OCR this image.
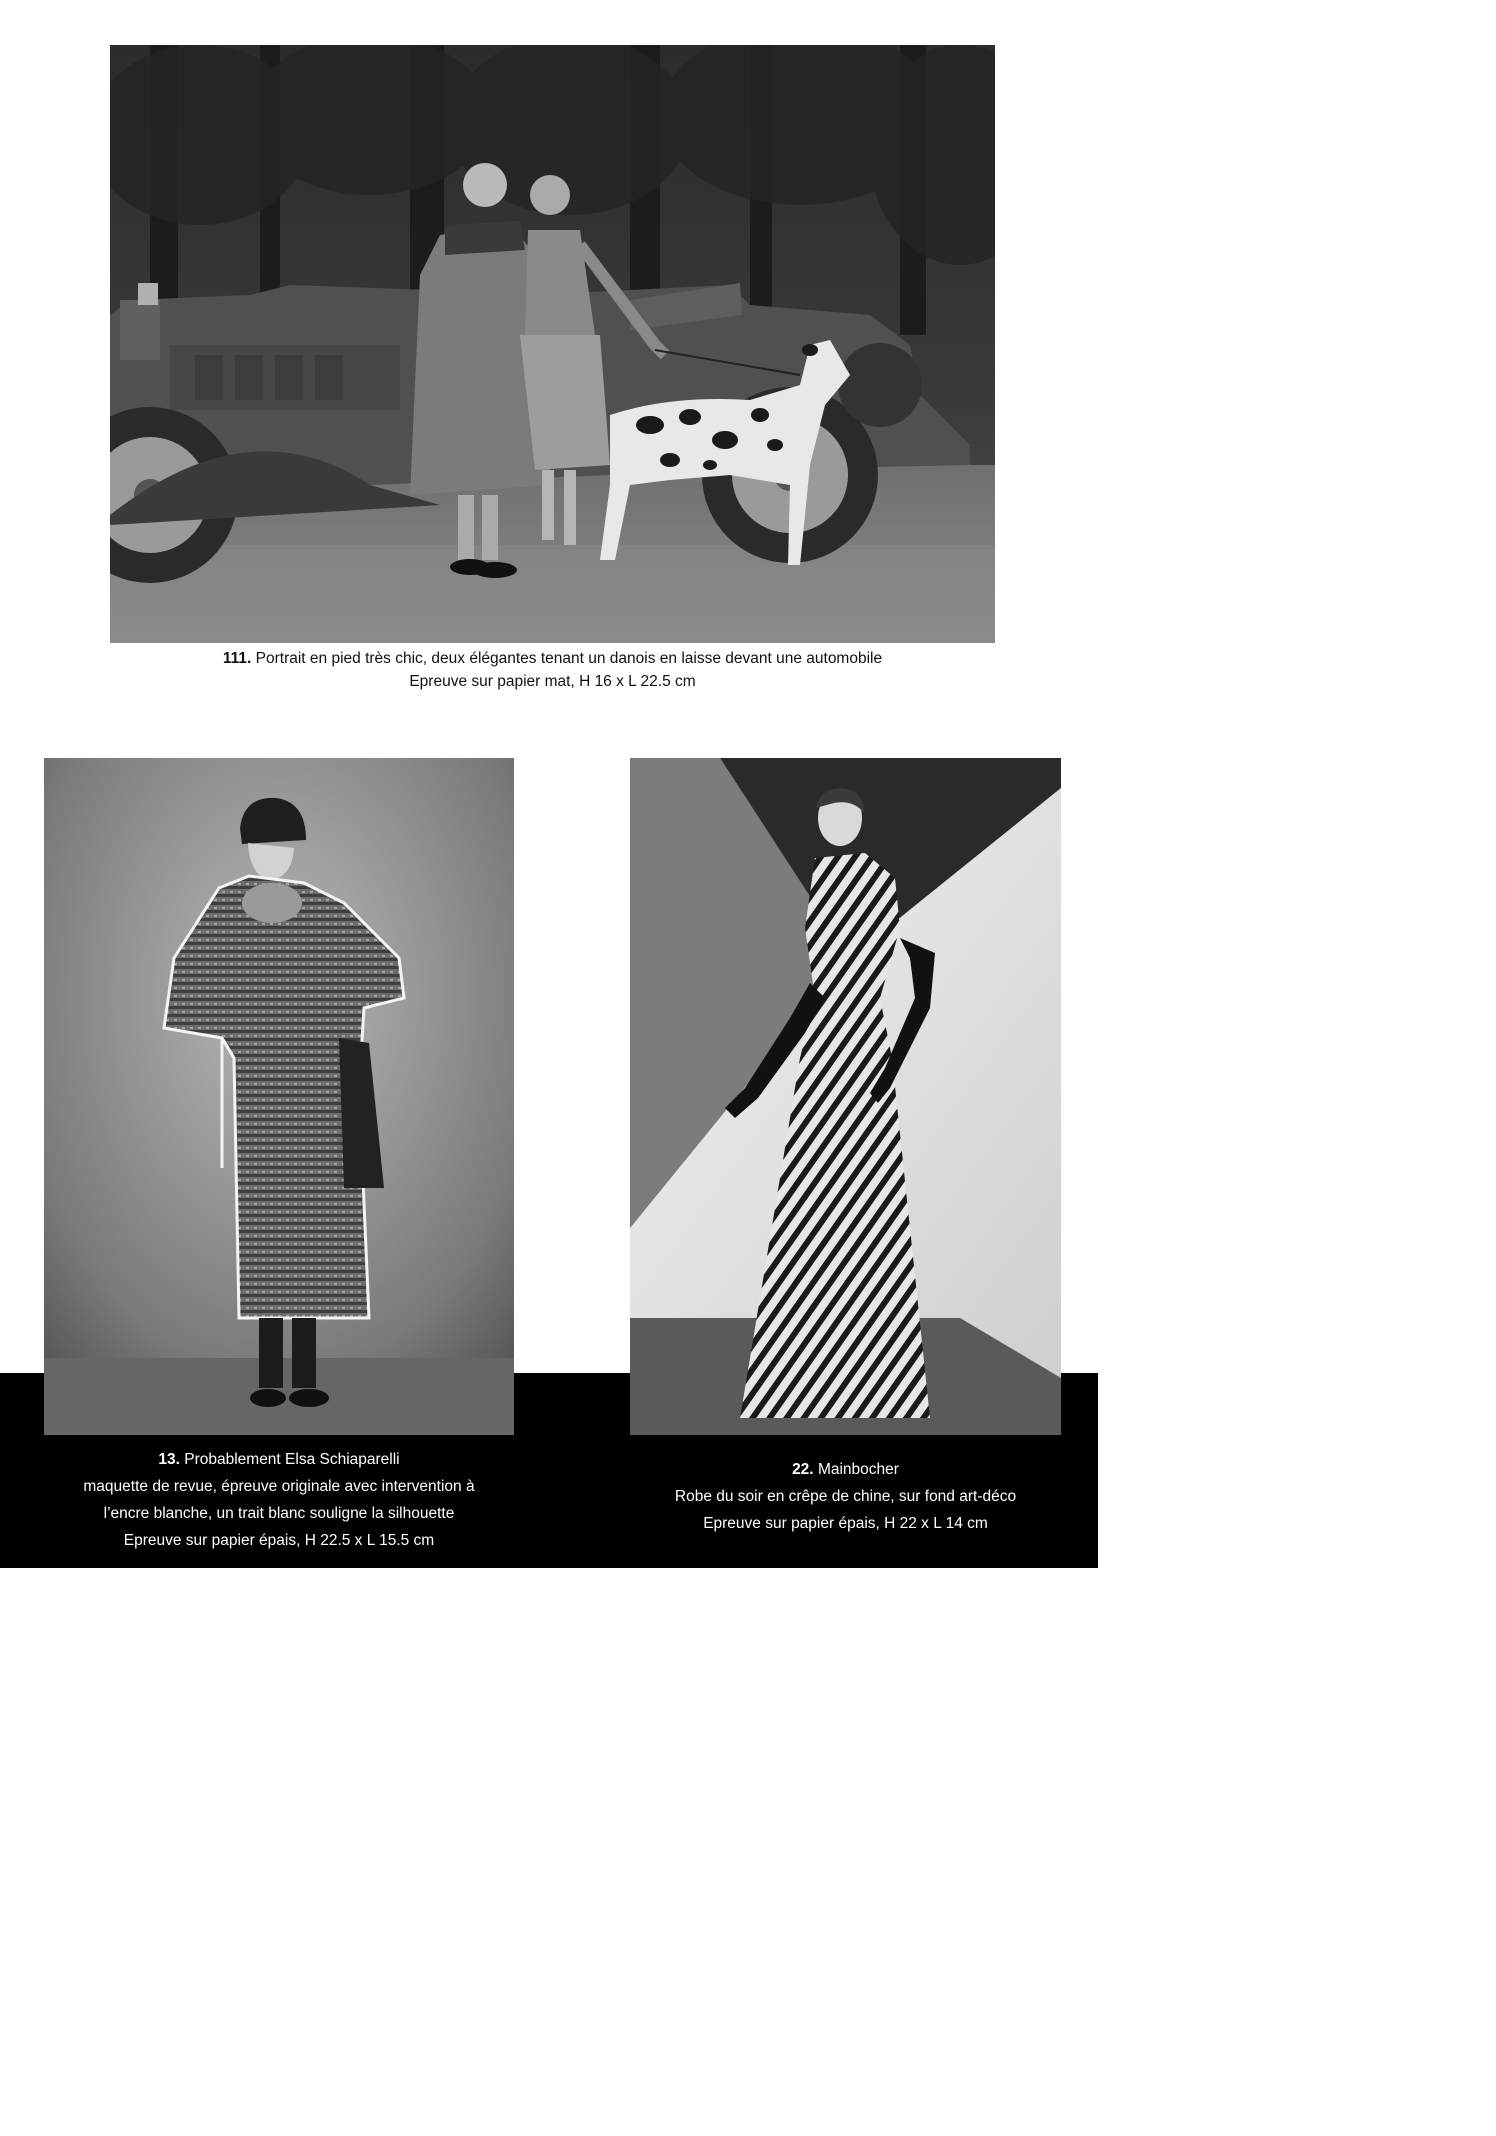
111. Portrait en pied très chic, deux élégantes tenant un danois en laisse devant une automobile
Epreuve sur papier mat, H 16 x L 22.5 cm
13. Probablement Elsa Schiaparelli
maquette de revue, épreuve originale avec intervention à
l’encre blanche, un trait blanc souligne la silhouette
Epreuve sur papier épais, H 22.5 x L 15.5 cm
22. Mainbocher
Robe du soir en crêpe de chine, sur fond art-déco
Epreuve sur papier épais, H 22 x L 14 cm
